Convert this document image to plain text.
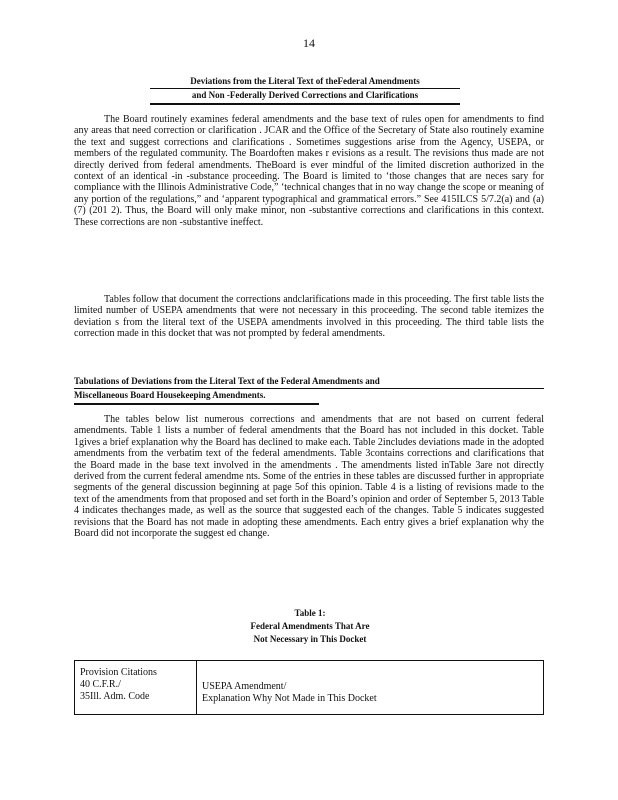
14
Deviations from the Literal Text of theFederal Amendments
and Non -Federally Derived Corrections and Clarifications

The Board routinely examines federal amendments and the base text of rules open for amendments to find any areas that need correction or clarification . JCAR and the Office of the Secretary of State also routinely examine the text and suggest corrections and clarifications . Sometimes suggestions arise from the Agency, USEPA, or members of the regulated community. The Boardoften makes r evisions as a result. The revisions thus made are not directly derived from federal amendments. TheBoard is ever mindful of the limited discretion authorized in the context of an identical -in -substance proceeding. The Board is limited to ‘those changes that are neces sary for compliance with the Illinois Administrative Code,” ‘technical changes that in no way change the scope or meaning of any portion of the regulations,” and ‘apparent typographical and grammatical errors.” See 415ILCS 5/7.2(a) and (a)(7) (201 2). Thus, the Board will only make minor, non -substantive corrections and clarifications in this context. These corrections are non -substantive ineffect.

Tables follow that document the corrections andclarifications made in this proceeding. The first table lists the limited number of USEPA amendments that were not necessary in this proceeding. The second table itemizes the deviation s from the literal text of the USEPA amendments involved in this proceeding. The third table lists the correction made in this docket that was not prompted by federal amendments.

Tabulations of Deviations from the Literal Text of the Federal Amendments and
Miscellaneous Board Housekeeping Amendments.

The tables below list numerous corrections and amendments that are not based on current federal amendments. Table 1 lists a number of federal amendments that the Board has not included in this docket. Table 1gives a brief explanation why the Board has declined to make each. Table 2includes deviations made in the adopted amendments from the verbatim text of the federal amendments. Table 3contains corrections and clarifications that the Board made in the base text involved in the amendments . The amendments listed inTable 3are not directly derived from the current federal amendme nts. Some of the entries in these tables are discussed further in appropriate segments of the general discussion beginning at page 5of this opinion. Table 4 is a listing of revisions made to the text of the amendments from that proposed and set forth in the Board’s opinion and order of September 5, 2013 Table 4 indicates thechanges made, as well as the source that suggested each of the changes. Table 5 indicates suggested revisions that the Board has not made in adopting these amendments. Each entry gives a brief explanation why the Board did not incorporate the suggest ed change.

Table 1:
Federal Amendments That Are
Not Necessary in This Docket
Provision Citations
40 C.F.R./
35Ill. Adm. Code
USEPA Amendment/
Explanation Why Not Made in This Docket
